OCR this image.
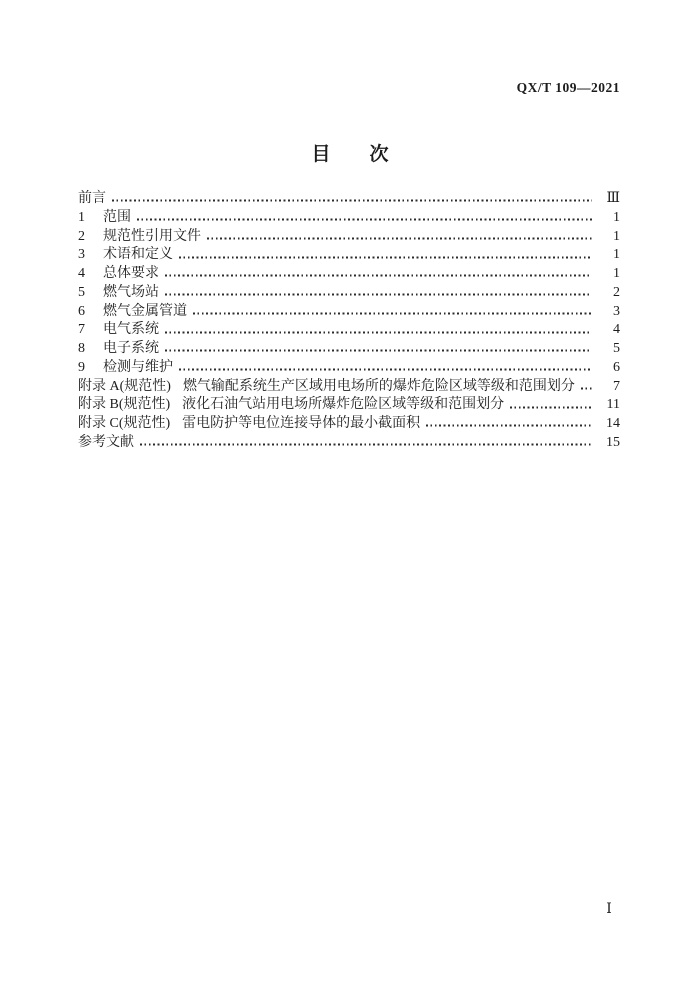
QX/T 109—2021
目　次
前言	Ⅲ
1	范围	1
2	规范性引用文件	1
3	术语和定义	1
4	总体要求	1
5	燃气场站	2
6	燃气金属管道	3
7	电气系统	4
8	电子系统	5
9	检测与维护	6
附录 A(规范性) 燃气输配系统生产区域用电场所的爆炸危险区域等级和范围划分	7
附录 B(规范性) 液化石油气站用电场所爆炸危险区域等级和范围划分	11
附录 C(规范性) 雷电防护等电位连接导体的最小截面积	14
参考文献	15
Ⅰ
